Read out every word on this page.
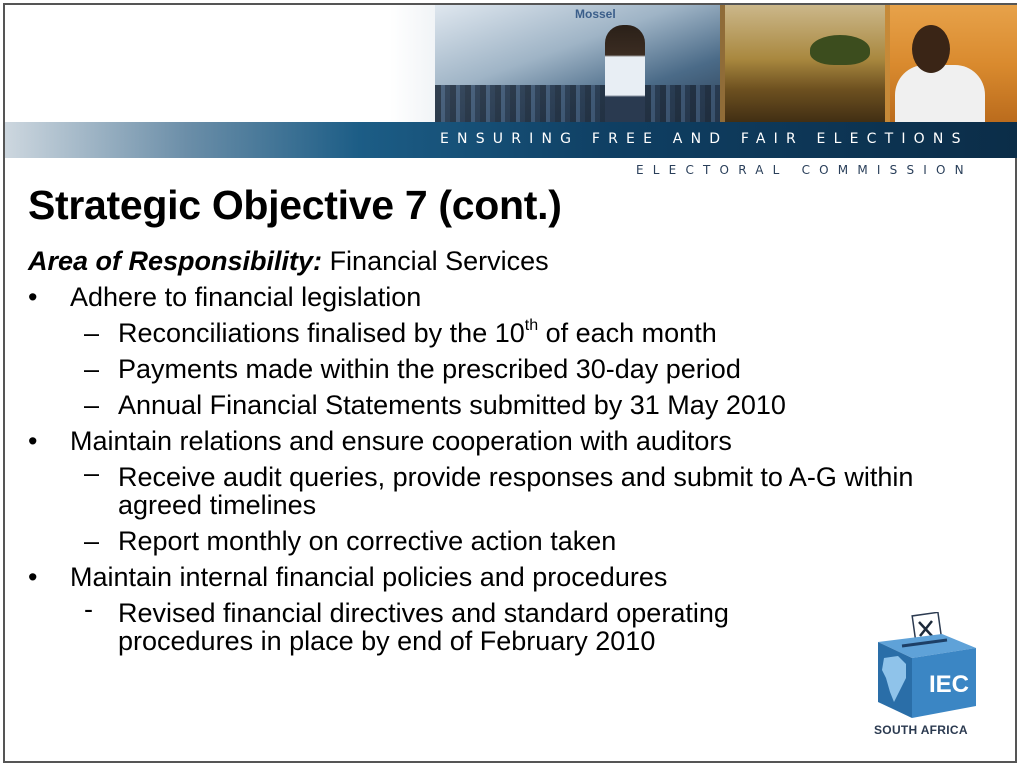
Mossel
ENSURING FREE AND FAIR ELECTIONS
ELECTORAL COMMISSION
Strategic Objective 7 (cont.)
Area of Responsibility: Financial Services
• Adhere to financial legislation
– Reconciliations finalised by the 10th of each month
– Payments made within the prescribed 30-day period
– Annual Financial Statements submitted by 31 May 2010
• Maintain relations and ensure cooperation with auditors
– Receive audit queries, provide responses and submit to A-G within agreed timelines
– Report monthly on corrective action taken
• Maintain internal financial policies and procedures
- Revised financial directives and standard operating procedures in place by end of February 2010
IEC
SOUTH AFRICA
